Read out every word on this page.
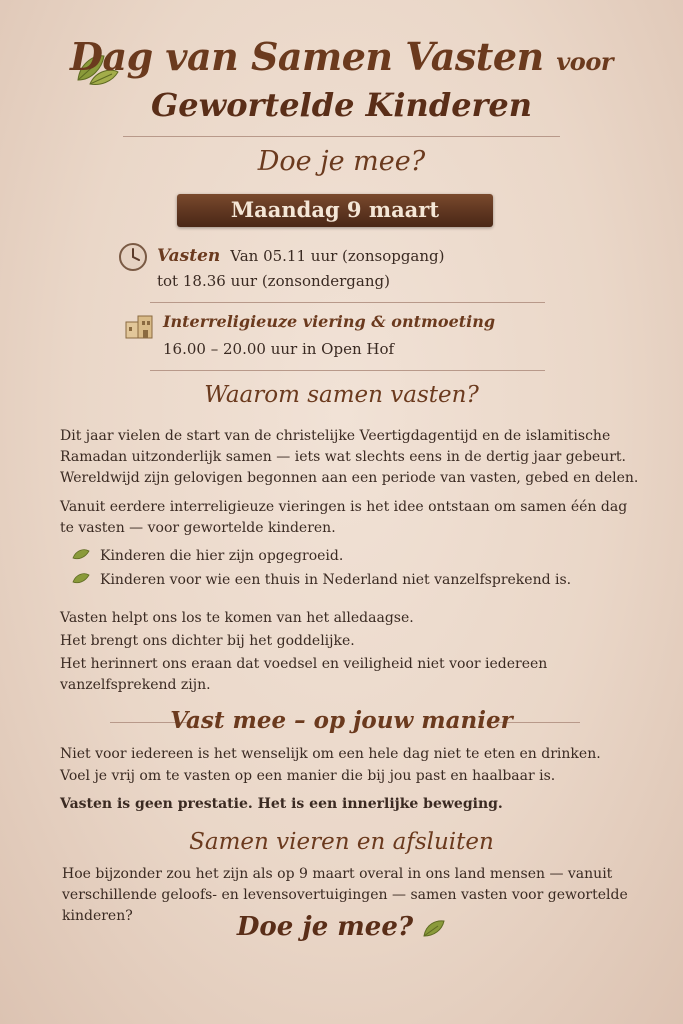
Dag van Samen Vasten voor
Gewortelde Kinderen
Doe je mee?
Maandag 9 maart
Vasten Van 05.11 uur (zonsopgang)
tot 18.36 uur (zonsondergang)
Interreligieuze viering & ontmoeting
16.00 – 20.00 uur in Open Hof
Waarom samen vasten?
Dit jaar vielen de start van de christelijke Veertigdagentijd en de islamitische Ramadan uitzonderlijk samen — iets wat slechts eens in de dertig jaar gebeurt. Wereldwijd zijn gelovigen begonnen aan een periode van vasten, gebed en delen.
Vanuit eerdere interreligieuze vieringen is het idee ontstaan om samen één dag te vasten — voor gewortelde kinderen.
Kinderen die hier zijn opgegroeid.
Kinderen voor wie een thuis in Nederland niet vanzelfsprekend is.
Vasten helpt ons los te komen van het alledaagse.
Het brengt ons dichter bij het goddelijke.
Het herinnert ons eraan dat voedsel en veiligheid niet voor iedereen vanzelfsprekend zijn.
Vast mee – op jouw manier
Niet voor iedereen is het wenselijk om een hele dag niet te eten en drinken.
Voel je vrij om te vasten op een manier die bij jou past en haalbaar is.
Vasten is geen prestatie. Het is een innerlijke beweging.
Samen vieren en afsluiten
Hoe bijzonder zou het zijn als op 9 maart overal in ons land mensen — vanuit verschillende geloofs- en levensovertuigingen — samen vasten voor gewortelde kinderen?	Doe je mee?
